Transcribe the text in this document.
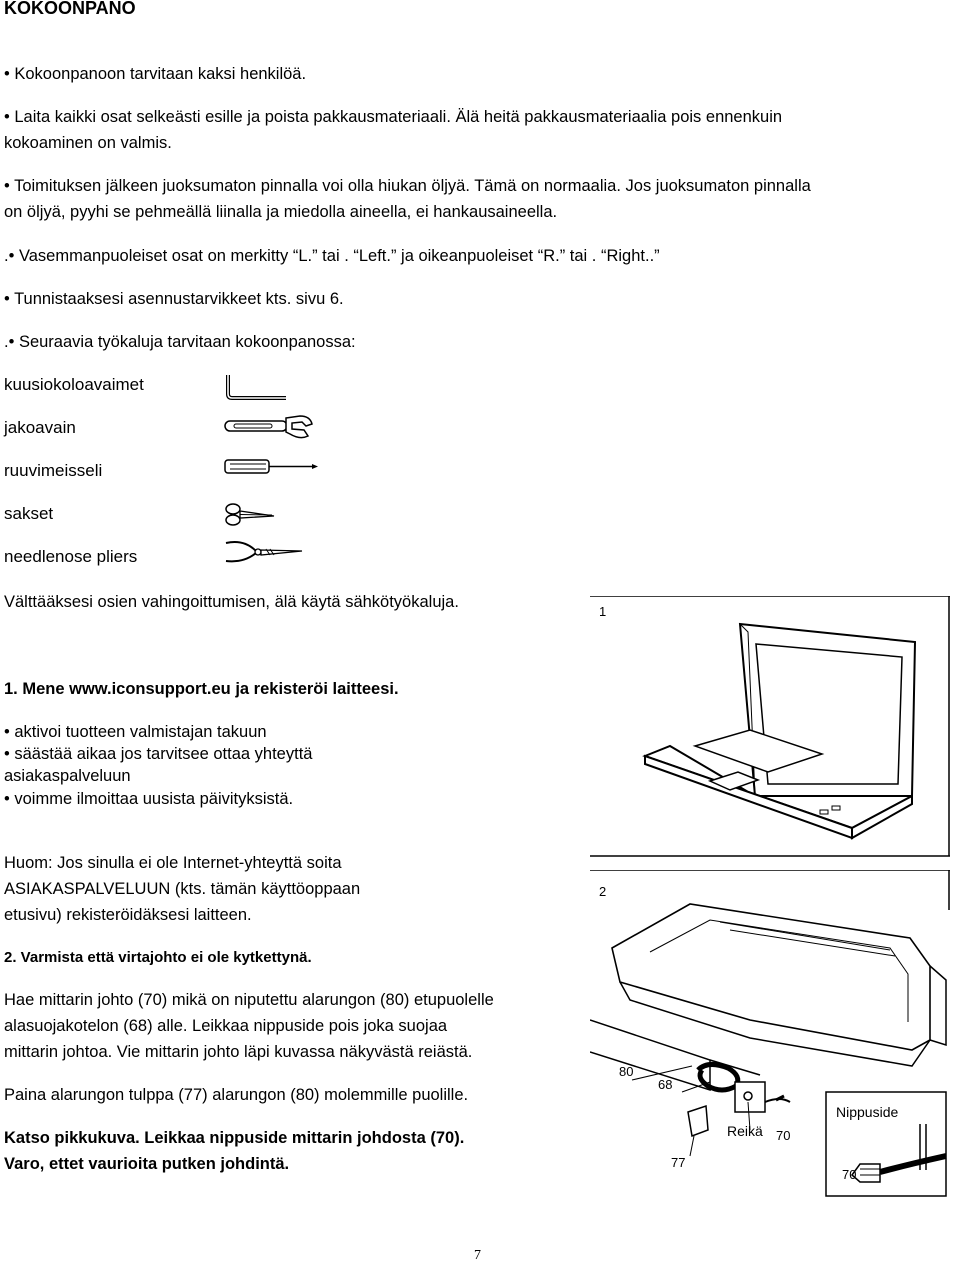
KOKOONPANO
• Kokoonpanoon tarvitaan kaksi henkilöä.
• Laita kaikki osat selkeästi esille ja poista pakkausmateriaali. Älä heitä pakkausmateriaalia pois ennenkuin
kokoaminen on valmis.
• Toimituksen jälkeen juoksumaton pinnalla voi olla hiukan öljyä. Tämä on normaalia. Jos juoksumaton pinnalla
on öljyä, pyyhi se pehmeällä liinalla ja miedolla aineella, ei hankausaineella.
.• Vasemmanpuoleiset osat on merkitty “L.” tai . “Left.” ja oikeanpuoleiset “R.” tai . “Right..”
• Tunnistaaksesi asennustarvikkeet kts. sivu 6.
.• Seuraavia työkaluja tarvitaan kokoonpanossa:
kuusiokoloavaimet
jakoavain
ruuvimeisseli
sakset
needlenose pliers
Välttääksesi osien vahingoittumisen, älä käytä sähkötyökaluja.
1. Mene www.iconsupport.eu ja rekisteröi laitteesi.
• aktivoi tuotteen valmistajan takuun
• säästää aikaa jos tarvitsee ottaa yhteyttä
asiakaspalveluun
• voimme ilmoittaa uusista päivityksistä.
Huom: Jos sinulla ei ole Internet-yhteyttä soita
ASIAKASPALVELUUN (kts. tämän käyttöoppaan
etusivu) rekisteröidäksesi laitteen.
1
2. Varmista että virtajohto ei ole kytkettynä.
Hae mittarin johto (70) mikä on niputettu alarungon (80) etupuolelle
alasuojakotelon (68) alle. Leikkaa nippuside pois joka suojaa
mittarin johtoa. Vie mittarin johto läpi kuvassa näkyvästä reiästä.
Paina alarungon tulppa (77) alarungon (80) molemmille puolille.
Katso pikkukuva. Leikkaa nippuside mittarin johdosta (70).
Varo, ettet vaurioita putken johdintä.
2
80
68
77
Reikä 70
Nippuside
70
7
